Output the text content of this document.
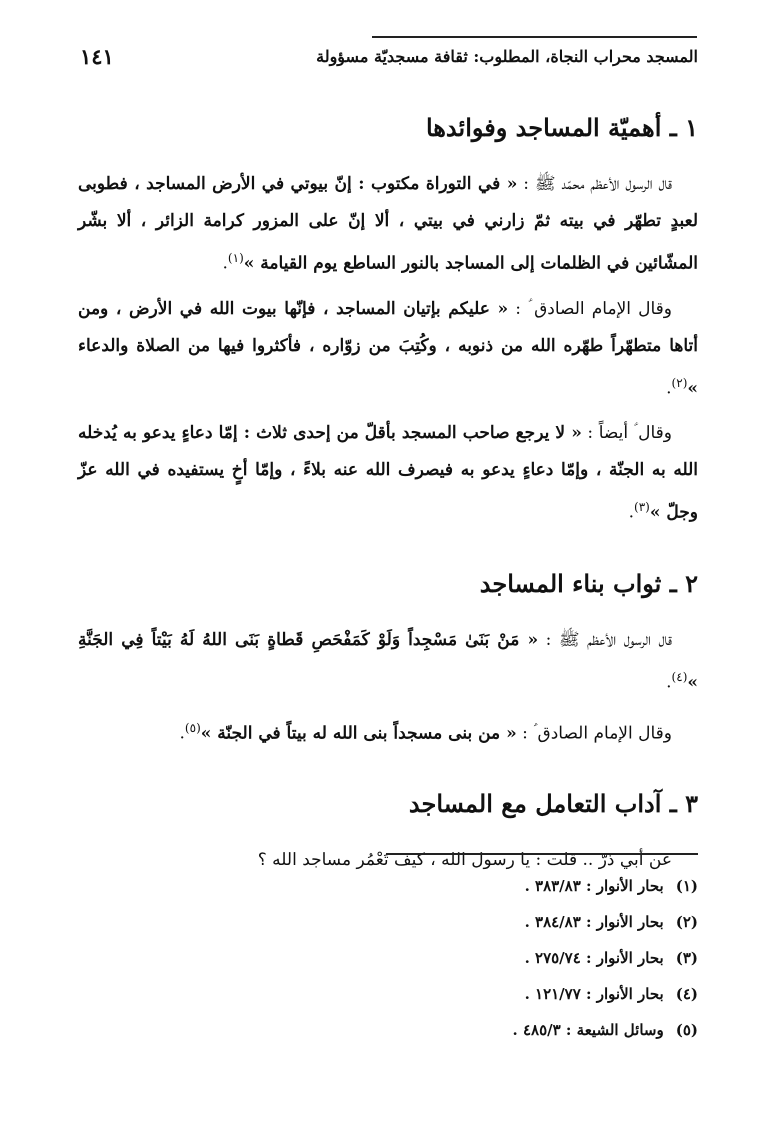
المسجد محراب النجاة، المطلوب: ثقافة مسجديّة مسؤولة
١٤١
١ ـ أهميّة المساجد وفوائدها

قال الرسول الأعظم محمّد ﷺ : « في التوراة مكتوب : إنّ بيوتي في الأرض المساجد ، فطوبى لعبدٍ تطهّر في بيته ثمّ زارني في بيتي ، ألا إنّ على المزور كرامة الزائر ، ألا بشّر المشّائين في الظلمات إلى المساجد بالنور الساطع يوم القيامة »$^{(١)}$.

وقال الإمام الصادق ؑ : « عليكم بإتيان المساجد ، فإنّها بيوت الله في الأرض ، ومن أتاها متطهّراً طهّره الله من ذنوبه ، وكُتِبَ من زوّاره ، فأكثروا فيها من الصلاة والدعاء »$^{(٢)}$.

وقال ؑ أيضاً : « لا يرجع صاحب المسجد بأقلّ من إحدى ثلاث : إمّا دعاءٍ يدعو به يُدخله الله به الجنّة ، وإمّا دعاءٍ يدعو به فيصرف الله عنه بلاءً ، وإمّا أخٍ يستفيده في الله عزّ وجلّ »$^{(٣)}$.

٢ ـ ثواب بناء المساجد

قال الرسول الأعظم ﷺ : « مَنْ بَنَىٰ مَسْجِداً وَلَوْ كَمَفْحَصِ قَطاةٍ بَنَى اللهُ لَهُ بَيْتاً فِي الجَنَّةِ »$^{(٤)}$.

وقال الإمام الصادق ؑ : « من بنى مسجداً بنى الله له بيتاً في الجنّة »$^{(٥)}$.

٣ ـ آداب التعامل مع المساجد

عن أبي ذرّ .. قلت : يا رسول الله ، كيف تَعْمُر مساجد الله ؟

(١)بحار الأنوار : ٣٨٣/٨٣ .
(٢)بحار الأنوار : ٣٨٤/٨٣ .
(٣)بحار الأنوار : ٢٧٥/٧٤ .
(٤)بحار الأنوار : ١٢١/٧٧ .
(٥)وسائل الشيعة : ٤٨٥/٣ .
